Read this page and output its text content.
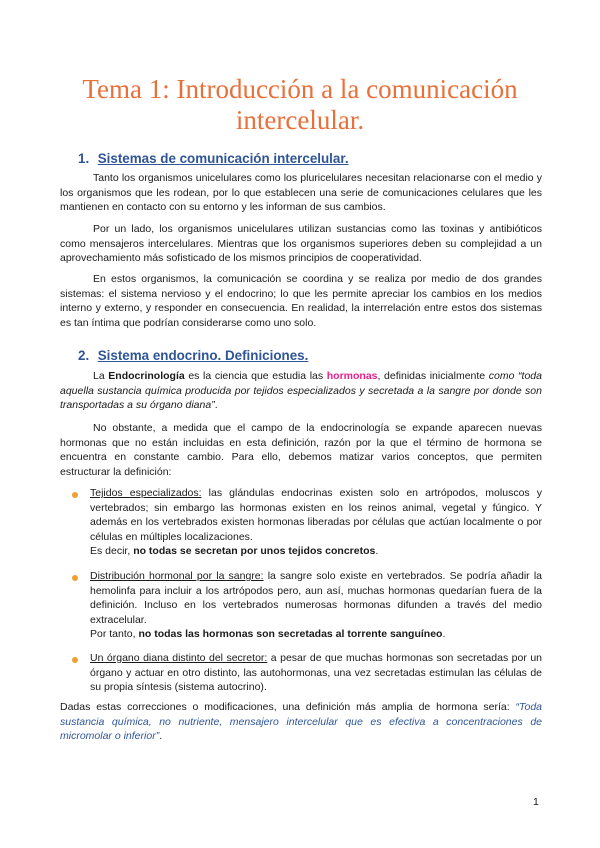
Tema 1: Introducción a la comunicación intercelular.
1. Sistemas de comunicación intercelular.

Tanto los organismos unicelulares como los pluricelulares necesitan relacionarse con el medio y los organismos que les rodean, por lo que establecen una serie de comunicaciones celulares que les mantienen en contacto con su entorno y les informan de sus cambios.

Por un lado, los organismos unicelulares utilizan sustancias como las toxinas y antibióticos como mensajeros intercelulares. Mientras que los organismos superiores deben su complejidad a un aprovechamiento más sofisticado de los mismos principios de cooperatividad.

En estos organismos, la comunicación se coordina y se realiza por medio de dos grandes sistemas: el sistema nervioso y el endocrino; lo que les permite apreciar los cambios en los medios interno y externo, y responder en consecuencia. En realidad, la interrelación entre estos dos sistemas es tan íntima que podrían considerarse como uno solo.

2. Sistema endocrino. Definiciones.

La Endocrinología es la ciencia que estudia las hormonas, definidas inicialmente como “toda aquella sustancia química producida por tejidos especializados y secretada a la sangre por donde son transportadas a su órgano diana”.

No obstante, a medida que el campo de la endocrinología se expande aparecen nuevas hormonas que no están incluidas en esta definición, razón por la que el término de hormona se encuentra en constante cambio. Para ello, debemos matizar varios conceptos, que permiten estructurar la definición:

Tejidos especializados: las glándulas endocrinas existen solo en artrópodos, moluscos y vertebrados; sin embargo las hormonas existen en los reinos animal, vegetal y fúngico. Y además en los vertebrados existen hormonas liberadas por células que actúan localmente o por células en múltiples localizaciones.
Es decir, no todas se secretan por unos tejidos concretos.

Distribución hormonal por la sangre: la sangre solo existe en vertebrados. Se podría añadir la hemolinfa para incluir a los artrópodos pero, aun así, muchas hormonas quedarían fuera de la definición. Incluso en los vertebrados numerosas hormonas difunden a través del medio extracelular.
Por tanto, no todas las hormonas son secretadas al torrente sanguíneo.

Un órgano diana distinto del secretor: a pesar de que muchas hormonas son secretadas por un órgano y actuar en otro distinto, las autohormonas, una vez secretadas estimulan las células de su propia síntesis (sistema autocrino).

Dadas estas correcciones o modificaciones, una definición más amplia de hormona sería: “Toda sustancia química, no nutriente, mensajero intercelular que es efectiva a concentraciones de micromolar o inferior”.

1
